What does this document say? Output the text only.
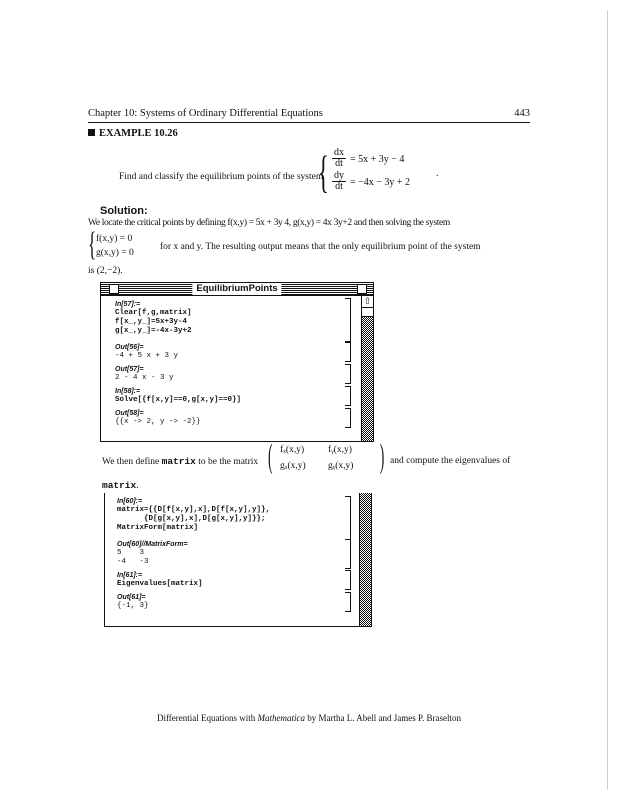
Chapter 10: Systems of Ordinary Differential Equations	443
EXAMPLE 10.26
Find and classify the equilibrium points of the system
{ $\frac{dx}{dt} = 5x + 3y - 4$
$\frac{dy}{dt} = -4x - 3y + 2$
.
Solution:
We locate the critical points by defining f(x,y) = 5x + 3y 4, g(x,y) = 4x 3y+2 and then solving the system
{ f(x,y) = 0
g(x,y) = 0
for x and y. The resulting output means that the only equilibrium point of the system
is (2,−2).
EquilibriumPoints
⇧
In[57]:=
Clear[f,g,matrix]
f[x_,y_]=5x+3y-4
g[x_,y_]=-4x-3y+2
Out[56]=
-4 + 5 x + 3 y
Out[57]=
2 - 4 x - 3 y
In[58]:=
Solve[{f[x,y]==0,g[x,y]==0}]
Out[58]=
{{x -> 2, y -> -2}}
We then define matrix to be the matrix (	)
fₓ(x,y)	fᵧ(x,y)
gₓ(x,y) gᵧ(x,y)	and compute the eigenvalues of
matrix.
In[60]:=
matrix={{D[f[x,y],x],D[f[x,y],y]},
{D[g[x,y],x],D[g[x,y],y]}};
MatrixForm[matrix]
Out[60]//MatrixForm=
5    3
-4   -3
In[61]:=
Eigenvalues[matrix]
Out[61]=
{-1, 3}
Differential Equations with Mathematica by Martha L. Abell and James P. Braselton
